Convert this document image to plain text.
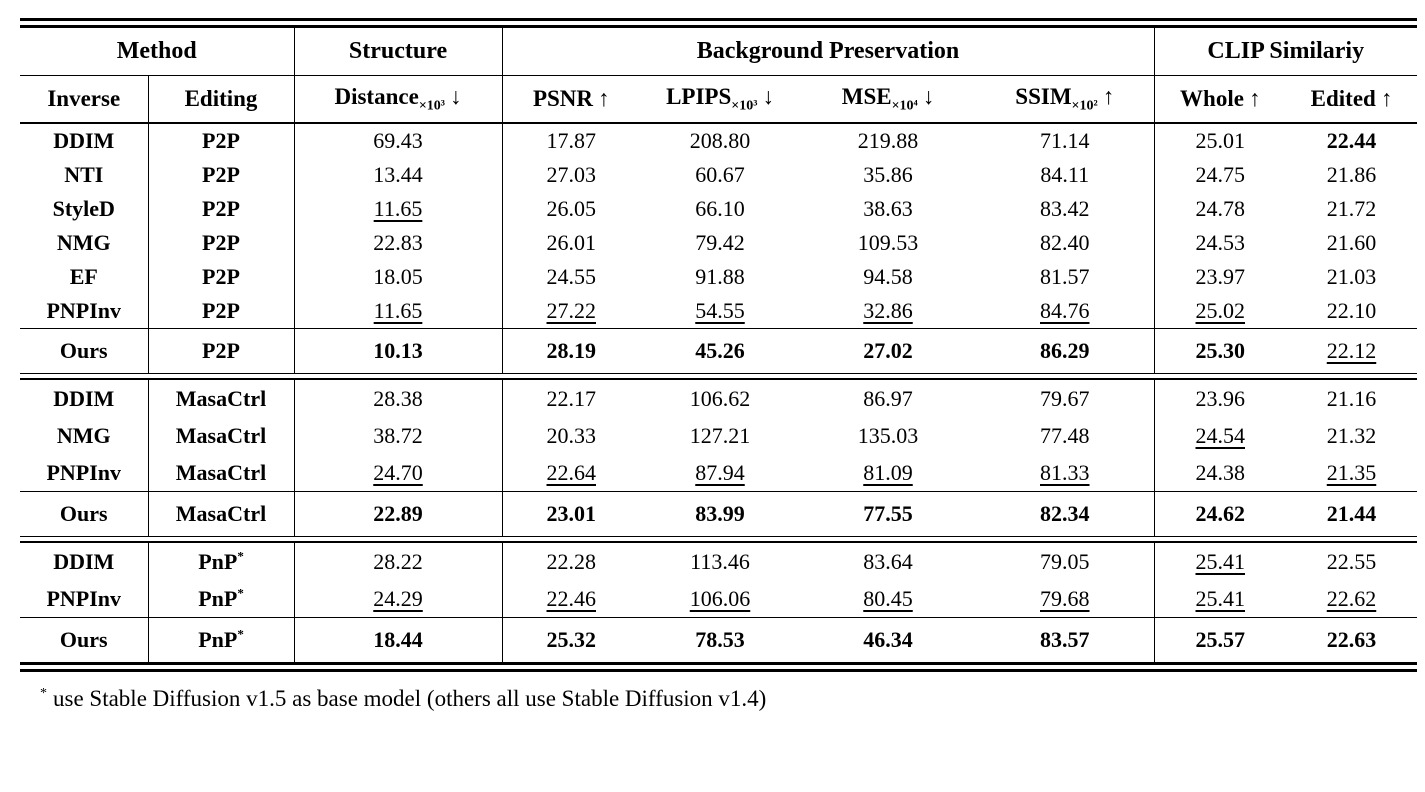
Method		Structure	Background Preservation				CLIP Similariy	
Inverse	Editing	Distance$_{\times 10^3}$ ↓	PSNR ↑	$LPIPS_{\times 10^3}$ ↓	$MSE_{\times 10^4}$ ↓	$SSIM_{\times 10^2}$ ↑	Whole ↑	Edited ↑
DDIM	P2P	69.43	17.87	208.80	219.88	71.14	25.01	22.44
NTI	P2P	13.44	27.03	60.67	35.86	84.11	24.75	21.86
StyleD	P2P	11.65	26.05	66.10	38.63	83.42	24.78	21.72
NMG	P2P	22.83	26.01	79.42	109.53	82.40	24.53	21.60
EF	P2P	18.05	24.55	91.88	94.58	81.57	23.97	21.03
PNPInv	P2P	11.65	27.22	54.55	32.86	84.76	25.02	22.10
Ours	P2P	10.13	28.19	45.26	27.02	86.29	25.30	22.12

DDIM	MasaCtrl	28.38	22.17	106.62	86.97	79.67	23.96	21.16
NMG	MasaCtrl	38.72	20.33	127.21	135.03	77.48	24.54	21.32
PNPInv	MasaCtrl	24.70	22.64	87.94	81.09	81.33	24.38	21.35
Ours	MasaCtrl	22.89	23.01	83.99	77.55	82.34	24.62	21.44

DDIM	PnP*	28.22	22.28	113.46	83.64	79.05	25.41	22.55
PNPInv	PnP*	24.29	22.46	106.06	80.45	79.68	25.41	22.62
Ours	PnP*	18.44	25.32	78.53	46.34	83.57	25.57	22.63

* use Stable Diffusion v1.5 as base model (others all use Stable Diffusion v1.4)
